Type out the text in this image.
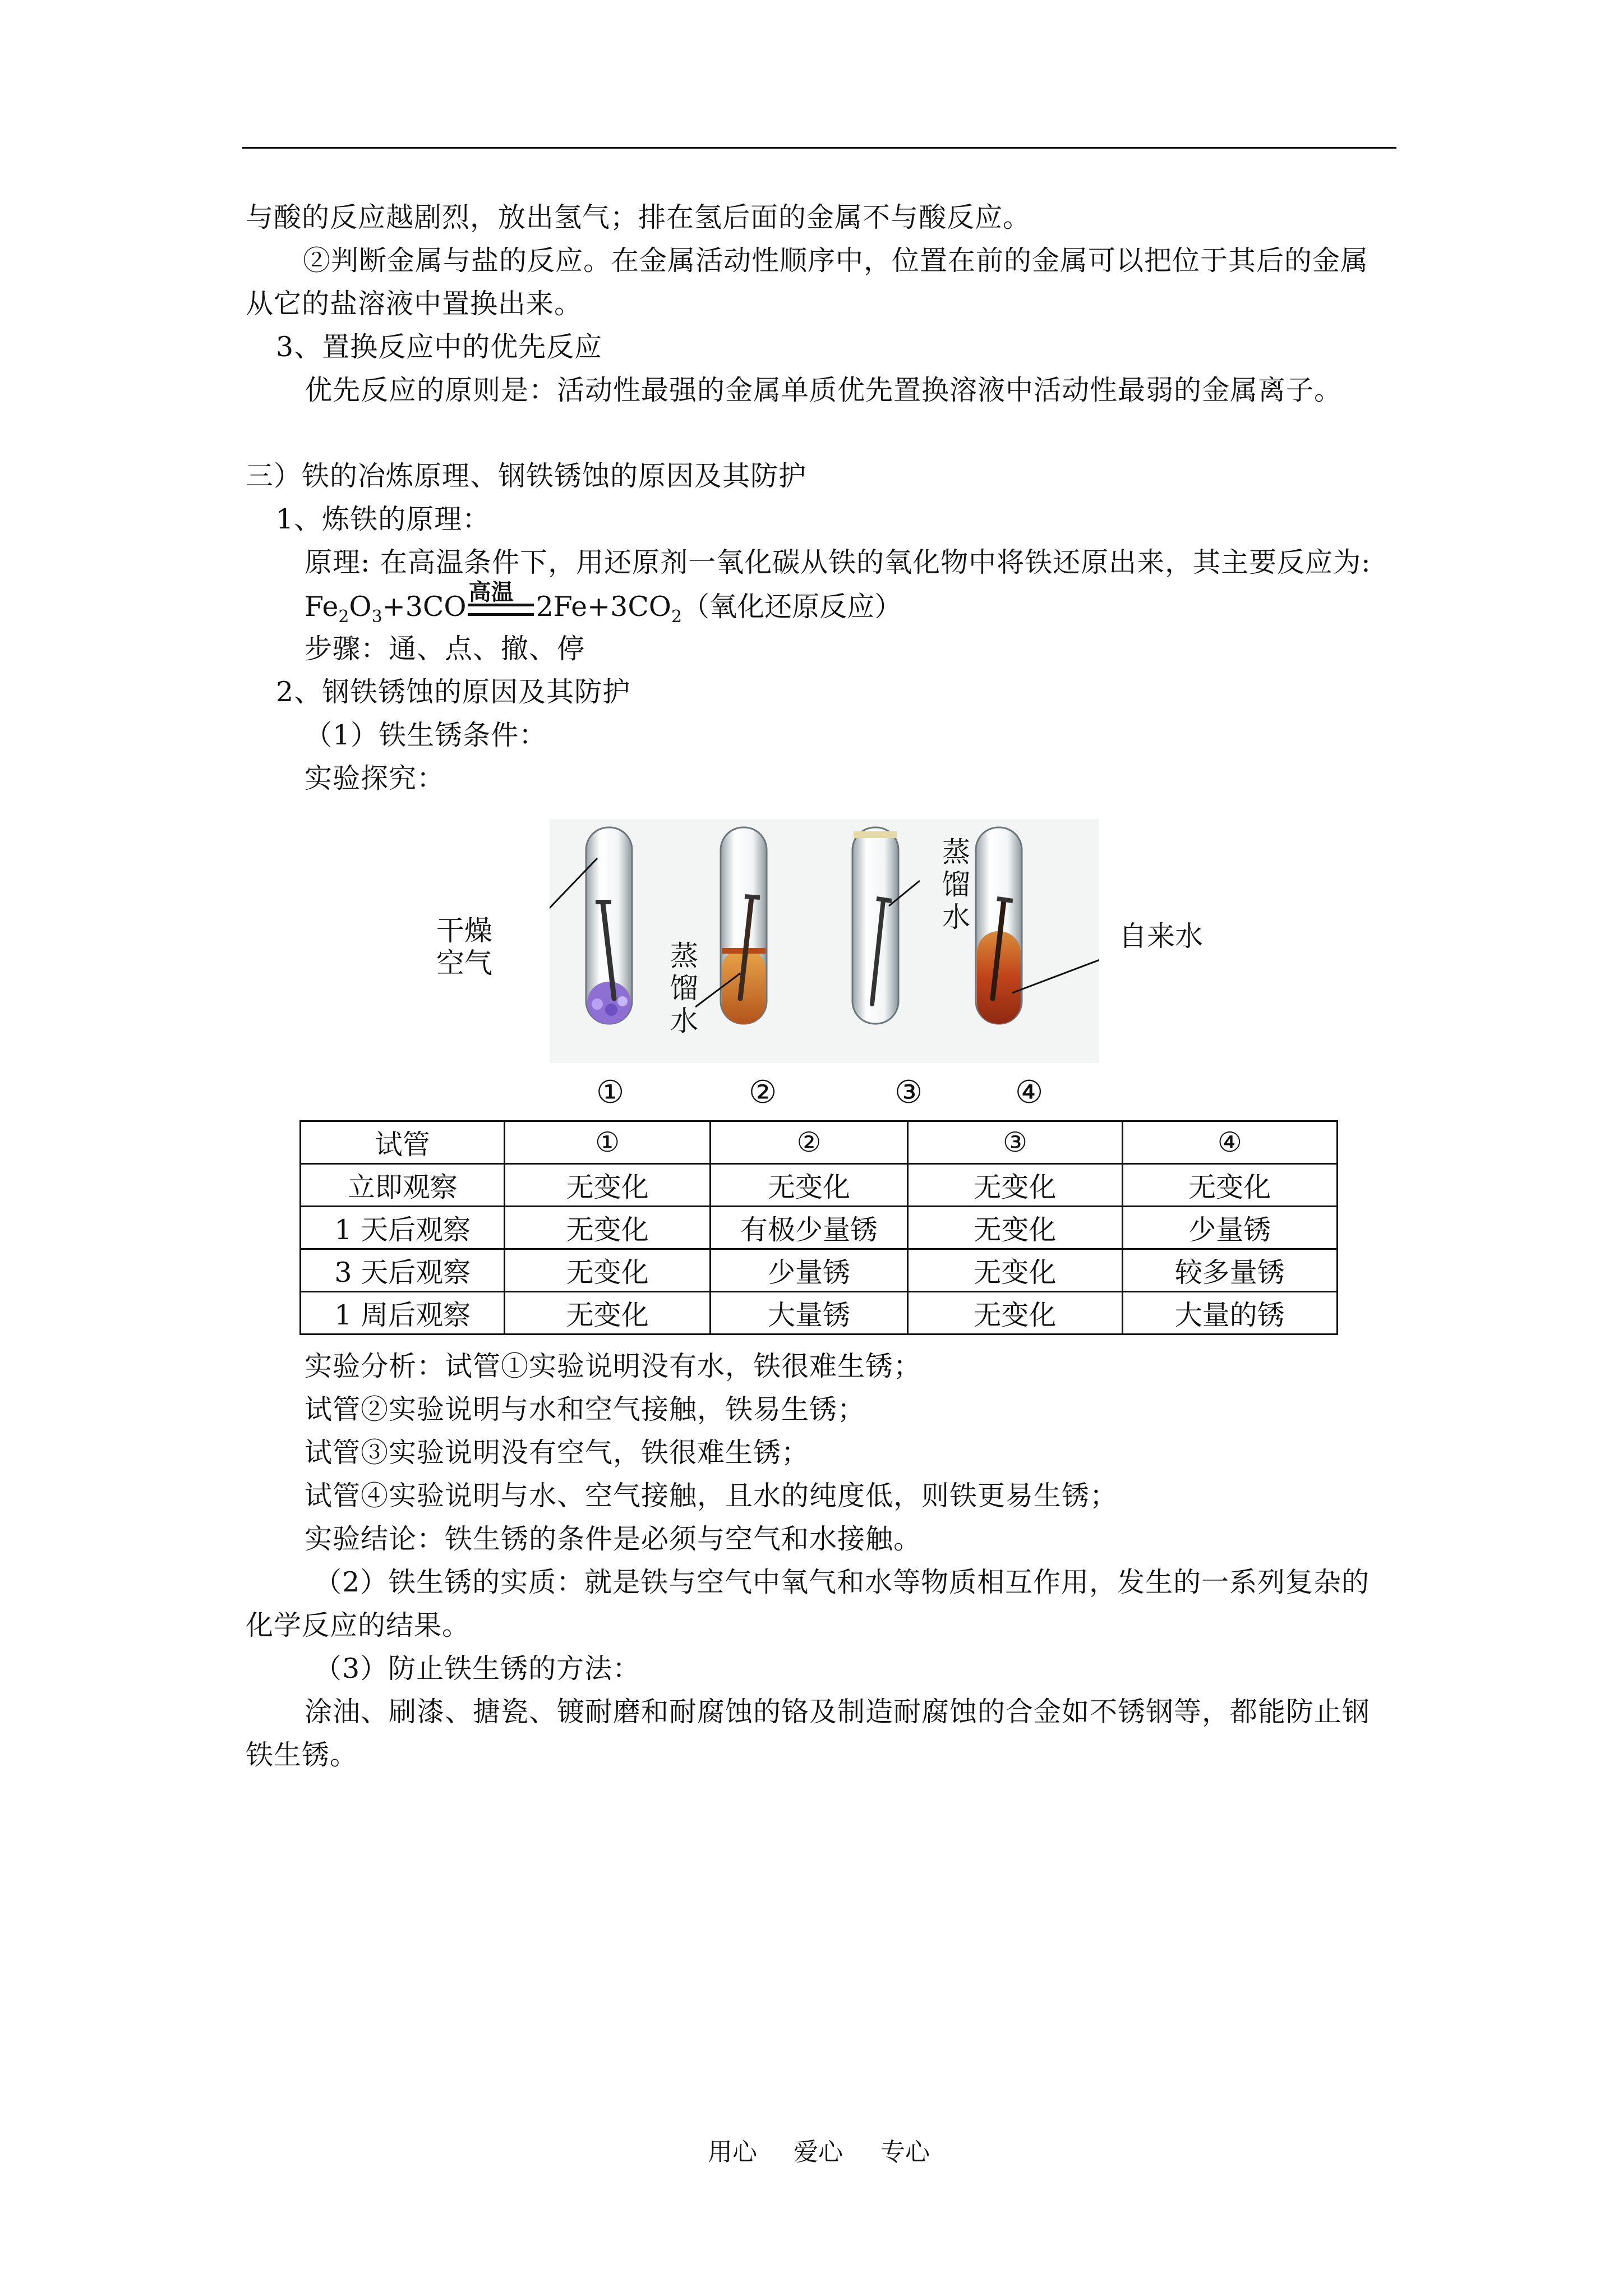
与酸的反应越剧烈，放出氢气；排在氢后面的金属不与酸反应。
②判断金属与盐的反应。在金属活动性顺序中，位置在前的金属可以把位于其后的金属
从它的盐溶液中置换出来。
3、置换反应中的优先反应
优先反应的原则是：活动性最强的金属单质优先置换溶液中活动性最弱的金属离子。
三）铁的冶炼原理、钢铁锈蚀的原因及其防护
1、炼铁的原理：
原理: 在高温条件下，用还原剂一氧化碳从铁的氧化物中将铁还原出来，其主要反应为:
$Fe_2O_3+3CO$ 高温 $2Fe+3CO_2$（氧化还原反应）
步骤：通、点、撤、停
2、钢铁锈蚀的原因及其防护
（1）铁生锈条件：
实验探究：
干燥
空气	蒸
馏
水
蒸
馏
水
自来水
①	②	③	④
试管	①	②	③	④
立即观察	无变化	无变化	无变化	无变化
1 天后观察	无变化	有极少量锈	无变化	少量锈
3 天后观察	无变化	少量锈	无变化	较多量锈
1 周后观察	无变化	大量锈	无变化	大量的锈
实验分析：试管①实验说明没有水，铁很难生锈；
试管②实验说明与水和空气接触，铁易生锈；
试管③实验说明没有空气，铁很难生锈；
试管④实验说明与水、空气接触，且水的纯度低，则铁更易生锈；
实验结论：铁生锈的条件是必须与空气和水接触。
（2）铁生锈的实质：就是铁与空气中氧气和水等物质相互作用，发生的一系列复杂的
化学反应的结果。
（3）防止铁生锈的方法：
涂油、刷漆、搪瓷、镀耐磨和耐腐蚀的铬及制造耐腐蚀的合金如不锈钢等，都能防止钢
铁生锈。
用心 爱心 专心
